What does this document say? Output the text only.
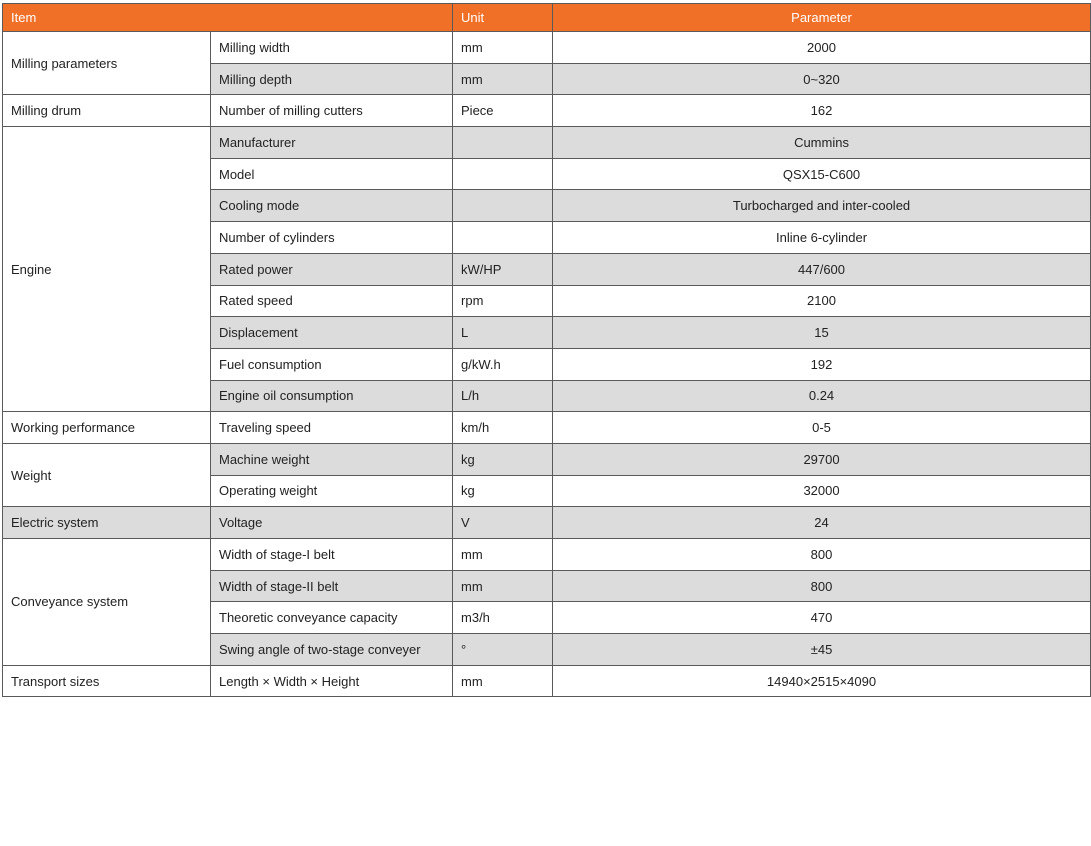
Item		Unit	Parameter
Milling parameters	Milling width	mm	2000
	Milling depth	mm	0~320
Milling drum	Number of milling cutters	Piece	162
Engine	Manufacturer		Cummins
	Model		QSX15-C600
	Cooling mode		Turbocharged and inter-cooled
	Number of cylinders		Inline 6-cylinder
	Rated power	kW/HP	447/600
	Rated speed	rpm	2100
	Displacement	L	15
	Fuel consumption	g/kW.h	192
	Engine oil consumption	L/h	0.24
Working performance	Traveling speed	km/h	0-5
Weight	Machine weight	kg	29700
	Operating weight	kg	32000
Electric system	Voltage	V	24
Conveyance system	Width of stage-I belt	mm	800
	Width of stage-II belt	mm	800
	Theoretic conveyance capacity	m3/h	470
	Swing angle of two-stage conveyer	°	±45
Transport sizes	Length × Width × Height	mm	14940×2515×4090
